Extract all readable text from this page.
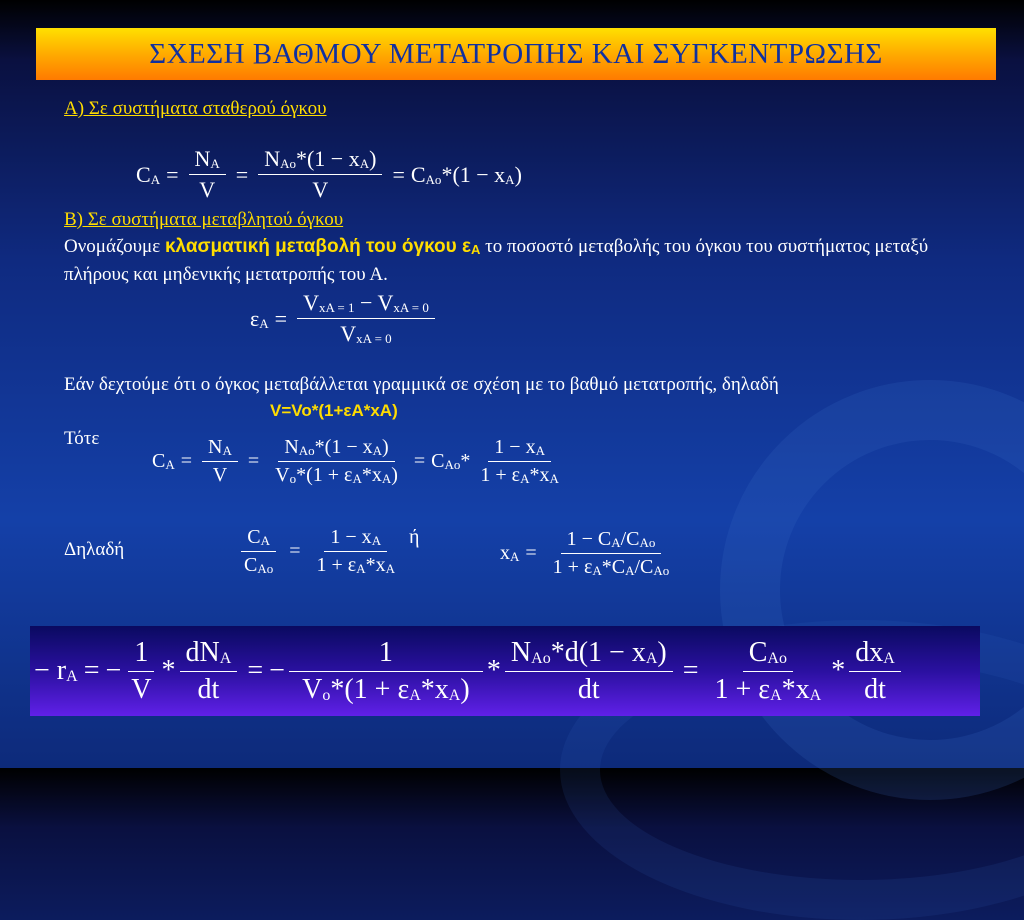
ΣΧΕΣΗ ΒΑΘΜΟΥ ΜΕΤΑΤΡΟΠΗΣ ΚΑΙ ΣΥΓΚΕΝΤΡΩΣΗΣ
Α) Σε συστήματα σταθερού όγκου
$C_A = \frac{N_A}{V} = \frac{N_{Ao}*(1 - x_A)}{V} = C_{Ao}*(1 - x_A)$
Β) Σε συστήματα μεταβλητού όγκου
Ονομάζουμε κλασματική μεταβολή του όγκου $\varepsilon_A$ το ποσοστό μεταβολής του όγκου του συστήματος μεταξύ πλήρους και μηδενικής μετατροπής του Α.
$\varepsilon_A = \frac{V_{xA = 1} - V_{xA = 0}}{V_{xA = 0}}$
Εάν δεχτούμε ότι ο όγκος μεταβάλλεται γραμμικά σε σχέση με το βαθμό μετατροπής, δηλαδή
V=Vo*(1+εA*xA)
Τότε
$C_A = \frac{N_A}{V} = \frac{N_{Ao}*(1 - x_A)}{V_o*(1 + \varepsilon_A*x_A)} = C_{Ao}* \frac{1 - x_A}{1 + \varepsilon_A*x_A}$
Δηλαδή	$\frac{C_A}{C_{Ao}} = \frac{1 - x_A}{1 + \varepsilon_A*x_A}$ ή
$x_A = \frac{1 - C_A/C_{Ao}}{1 + \varepsilon_A*C_A/C_{Ao}}$
− $r_A$ = − $\frac{1}{V} * \frac{dN_A}{dt}$ = − $\frac{1}{V_o*(1 + \varepsilon_A*x_A)} * \frac{N_{Ao}*d(1 - x_A)}{dt} = \frac{C_{Ao}}{1 + \varepsilon_A*x_A} * \frac{dx_A}{dt}$
